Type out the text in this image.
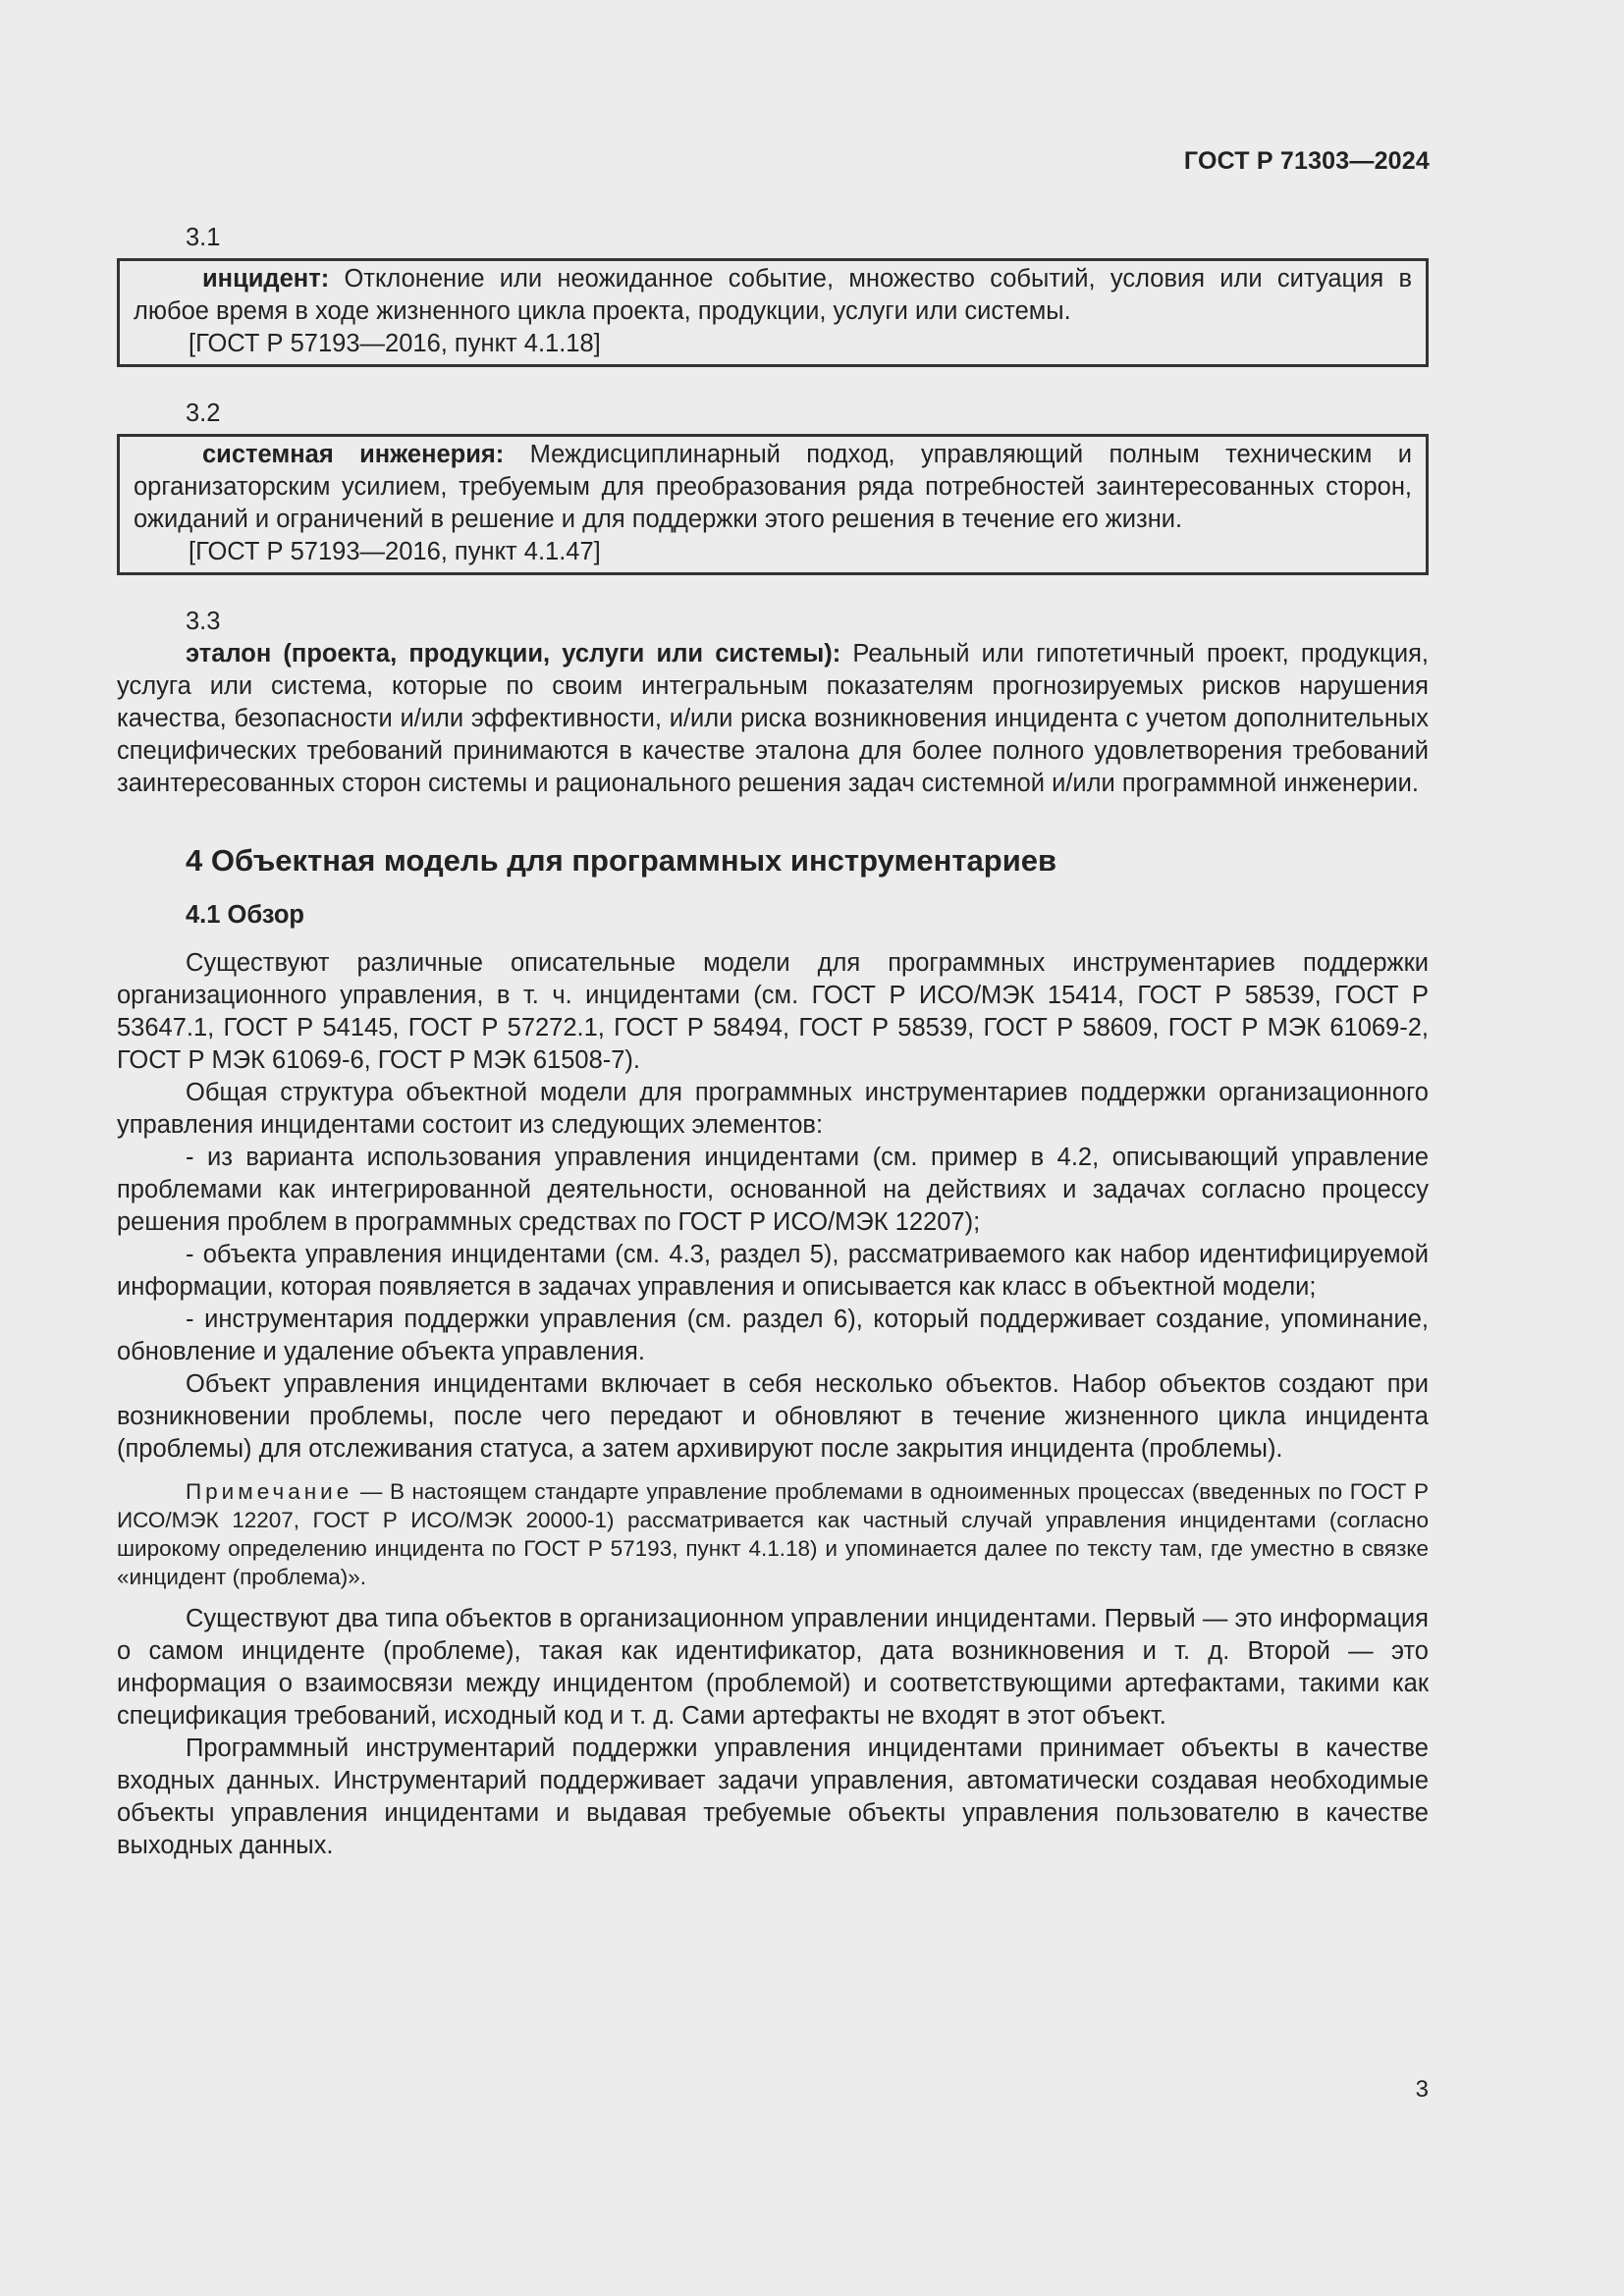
ГОСТ Р 71303—2024

3.1

инцидент: Отклонение или неожиданное событие, множество событий, условия или ситуация в любое время в ходе жизненного цикла проекта, продукции, услуги или системы.

[ГОСТ Р 57193—2016, пункт 4.1.18]

3.2

системная инженерия: Междисциплинарный подход, управляющий полным техническим и организаторским усилием, требуемым для преобразования ряда потребностей заинтересованных сторон, ожиданий и ограничений в решение и для поддержки этого решения в течение его жизни.

[ГОСТ Р 57193—2016, пункт 4.1.47]

3.3

эталон (проекта, продукции, услуги или системы): Реальный или гипотетичный проект, продукция, услуга или система, которые по своим интегральным показателям прогнозируемых рисков нарушения качества, безопасности и/или эффективности, и/или риска возникновения инцидента с учетом дополнительных специфических требований принимаются в качестве эталона для более полного удовлетворения требований заинтересованных сторон системы и рационального решения задач системной и/или программной инженерии.

4 Объектная модель для программных инструментариев
4.1 Обзор

Существуют различные описательные модели для программных инструментариев поддержки организационного управления, в т. ч. инцидентами (см. ГОСТ Р ИСО/МЭК 15414, ГОСТ Р 58539, ГОСТ Р 53647.1, ГОСТ Р 54145, ГОСТ Р 57272.1, ГОСТ Р 58494, ГОСТ Р 58539, ГОСТ Р 58609, ГОСТ Р МЭК 61069-2, ГОСТ Р МЭК 61069-6, ГОСТ Р МЭК 61508-7).

Общая структура объектной модели для программных инструментариев поддержки организационного управления инцидентами состоит из следующих элементов:

- из варианта использования управления инцидентами (см. пример в 4.2, описывающий управление проблемами как интегрированной деятельности, основанной на действиях и задачах согласно процессу решения проблем в программных средствах по ГОСТ Р ИСО/МЭК 12207);

- объекта управления инцидентами (см. 4.3, раздел 5), рассматриваемого как набор идентифицируемой информации, которая появляется в задачах управления и описывается как класс в объектной модели;

- инструментария поддержки управления (см. раздел 6), который поддерживает создание, упоминание, обновление и удаление объекта управления.

Объект управления инцидентами включает в себя несколько объектов. Набор объектов создают при возникновении проблемы, после чего передают и обновляют в течение жизненного цикла инцидента (проблемы) для отслеживания статуса, а затем архивируют после закрытия инцидента (проблемы).

Примечание — В настоящем стандарте управление проблемами в одноименных процессах (введенных по ГОСТ Р ИСО/МЭК 12207, ГОСТ Р ИСО/МЭК 20000-1) рассматривается как частный случай управления инцидентами (согласно широкому определению инцидента по ГОСТ Р 57193, пункт 4.1.18) и упоминается далее по тексту там, где уместно в связке «инцидент (проблема)».

Существуют два типа объектов в организационном управлении инцидентами. Первый — это информация о самом инциденте (проблеме), такая как идентификатор, дата возникновения и т. д. Второй — это информация о взаимосвязи между инцидентом (проблемой) и соответствующими артефактами, такими как спецификация требований, исходный код и т. д. Сами артефакты не входят в этот объект.

Программный инструментарий поддержки управления инцидентами принимает объекты в качестве входных данных. Инструментарий поддерживает задачи управления, автоматически создавая необходимые объекты управления инцидентами и выдавая требуемые объекты управления пользователю в качестве выходных данных.

3
